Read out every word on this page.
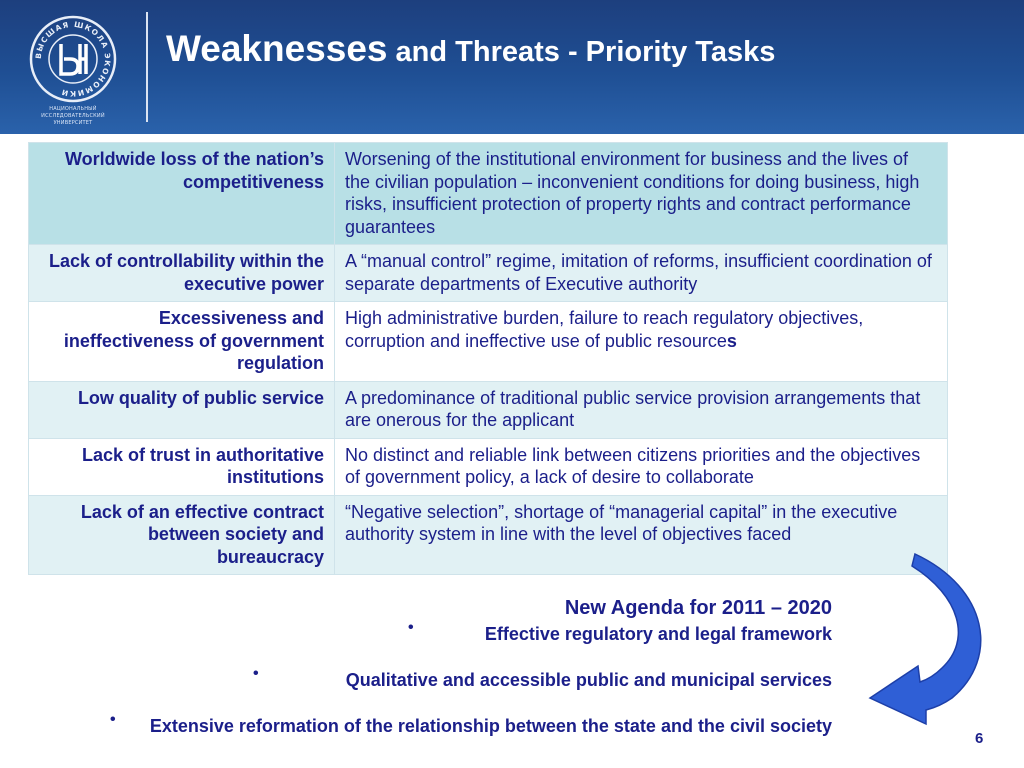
ВЫСШАЯ ШКОЛА ЭКОНОМИКИ
НАЦИОНАЛЬНЫЙ ИССЛЕДОВАТЕЛЬСКИЙ
УНИВЕРСИТЕТ
Weaknesses and Threats - Priority Tasks
Worldwide loss of the nation’s competitiveness	Worsening of the institutional environment for business and the lives of the civilian population – inconvenient conditions for doing business, high risks, insufficient protection of property rights and contract performance guarantees
Lack of controllability within the executive power	A “manual control” regime, imitation of reforms, insufficient coordination of separate departments of Executive authority
Excessiveness and ineffectiveness of government regulation	High administrative burden, failure to reach regulatory objectives, corruption and ineffective use of public resources
Low quality of public service	A predominance of traditional public service provision arrangements that are onerous for the applicant
Lack of trust in authoritative institutions	No distinct and reliable link between citizens priorities and the objectives of government policy, a lack of desire to collaborate
Lack of an effective contract between society and bureaucracy	“Negative selection”, shortage of “managerial capital” in the executive authority system in line with the level of objectives faced
New Agenda for 2011 – 2020
•	Effective regulatory and legal framework
•	Qualitative and accessible public and municipal services
• Extensive reformation of the relationship between the state and the civil society
6
